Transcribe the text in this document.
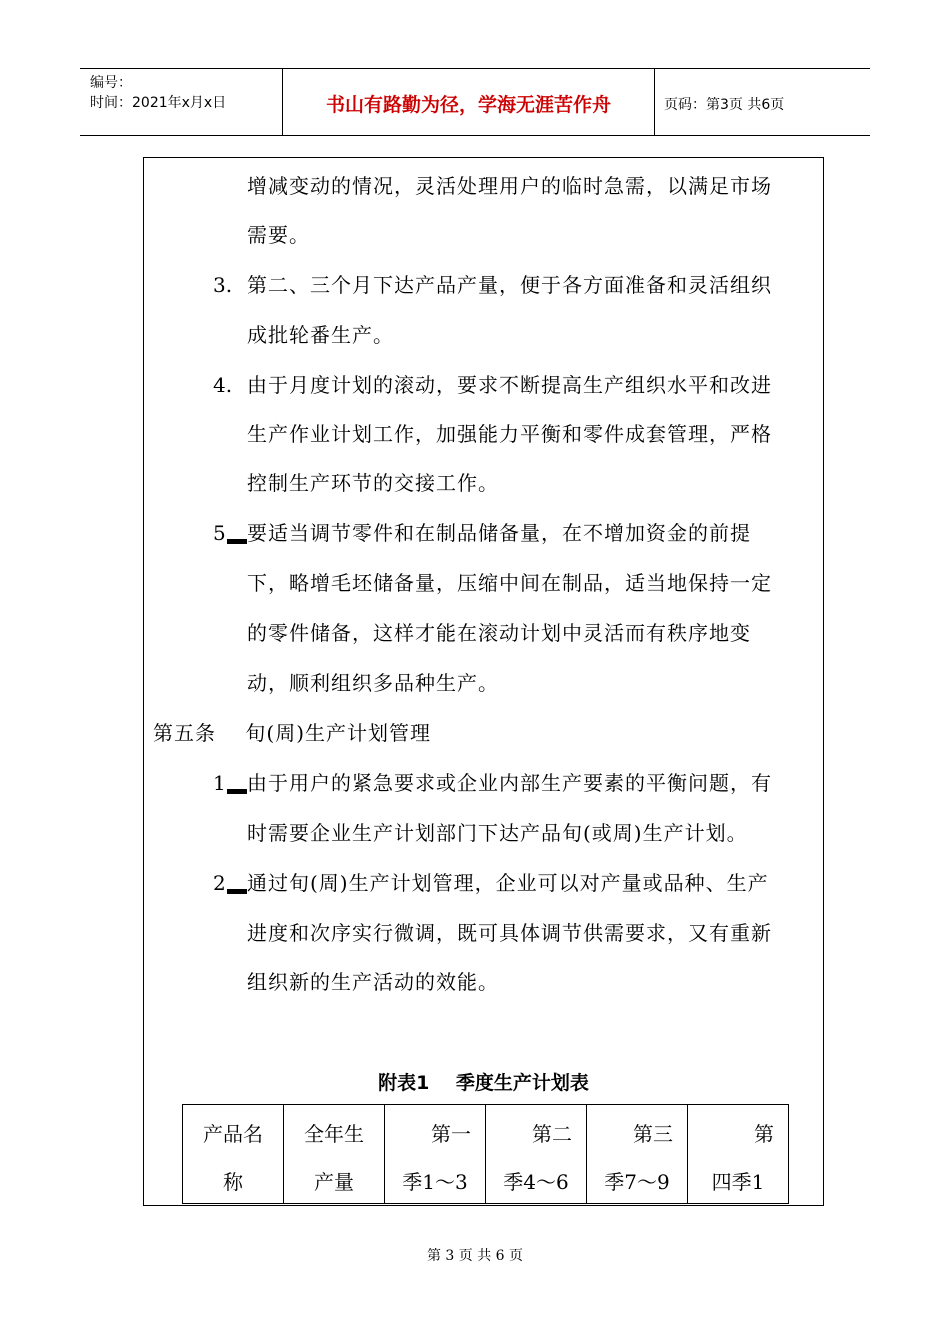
编号：
时间：2021年x月x日	书山有路勤为径，学海无涯苦作舟	页码：第3页 共6页
增减变动的情况，灵活处理用户的临时急需，以满足市场
需要。
3. 第二、三个月下达产品产量，便于各方面准备和灵活组织
成批轮番生产。
4. 由于月度计划的滚动，要求不断提高生产组织水平和改进
生产作业计划工作，加强能力平衡和零件成套管理，严格
控制生产环节的交接工作。
5	要适当调节零件和在制品储备量，在不增加资金的前提
下，略增毛坯储备量，压缩中间在制品，适当地保持一定
的零件储备，这样才能在滚动计划中灵活而有秩序地变
动，顺利组织多品种生产。
第五条    旬(周)生产计划管理
1	由于用户的紧急要求或企业内部生产要素的平衡问题，有
时需要企业生产计划部门下达产品旬(或周)生产计划。
2	通过旬(周)生产计划管理，企业可以对产量或品种、生产
进度和次序实行微调，既可具体调节供需要求，又有重新
组织新的生产活动的效能。
附表1    季度生产计划表
产品名
称

全年生
产量

第一
季1～3

第二
季4～6

第三
季7～9

第
四季1
第 3 页 共 6 页
